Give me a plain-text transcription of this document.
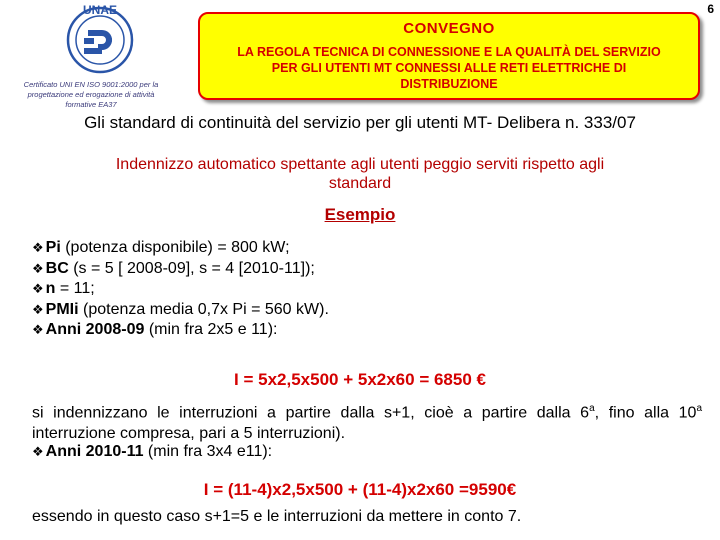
6
UNAE
Certificato UNI EN ISO 9001:2000 per la
progettazione ed erogazione di attività
formative EA37
CONVEGNO
LA REGOLA TECNICA DI CONNESSIONE E LA QUALITÀ DEL SERVIZIO
PER GLI UTENTI MT CONNESSI ALLE RETI ELETTRICHE DI
DISTRIBUZIONE
Gli standard di continuità del servizio per gli utenti MT- Delibera n. 333/07
Indennizzo automatico spettante agli utenti peggio serviti rispetto agli
standard
Esempio
❖ Pi (potenza disponibile) = 800 kW;
❖ BC (s = 5 [ 2008-09], s = 4 [2010-11]);
❖ n = 11;
❖ PMIi (potenza media 0,7x Pi = 560 kW).
❖ Anni 2008-09 (min fra 2x5 e 11):
I = 5x2,5x500 + 5x2x60 = 6850 €
si indennizzano le interruzioni a partire dalla s+1, cioè a partire dalla 6$^a$, fino alla 10$^a$ interruzione compresa, pari a 5 interruzioni).
❖ Anni 2010-11 (min fra 3x4 e11):
I = (11-4)x2,5x500 + (11-4)x2x60 =9590€
essendo in questo caso s+1=5 e le interruzioni da mettere in conto 7.
